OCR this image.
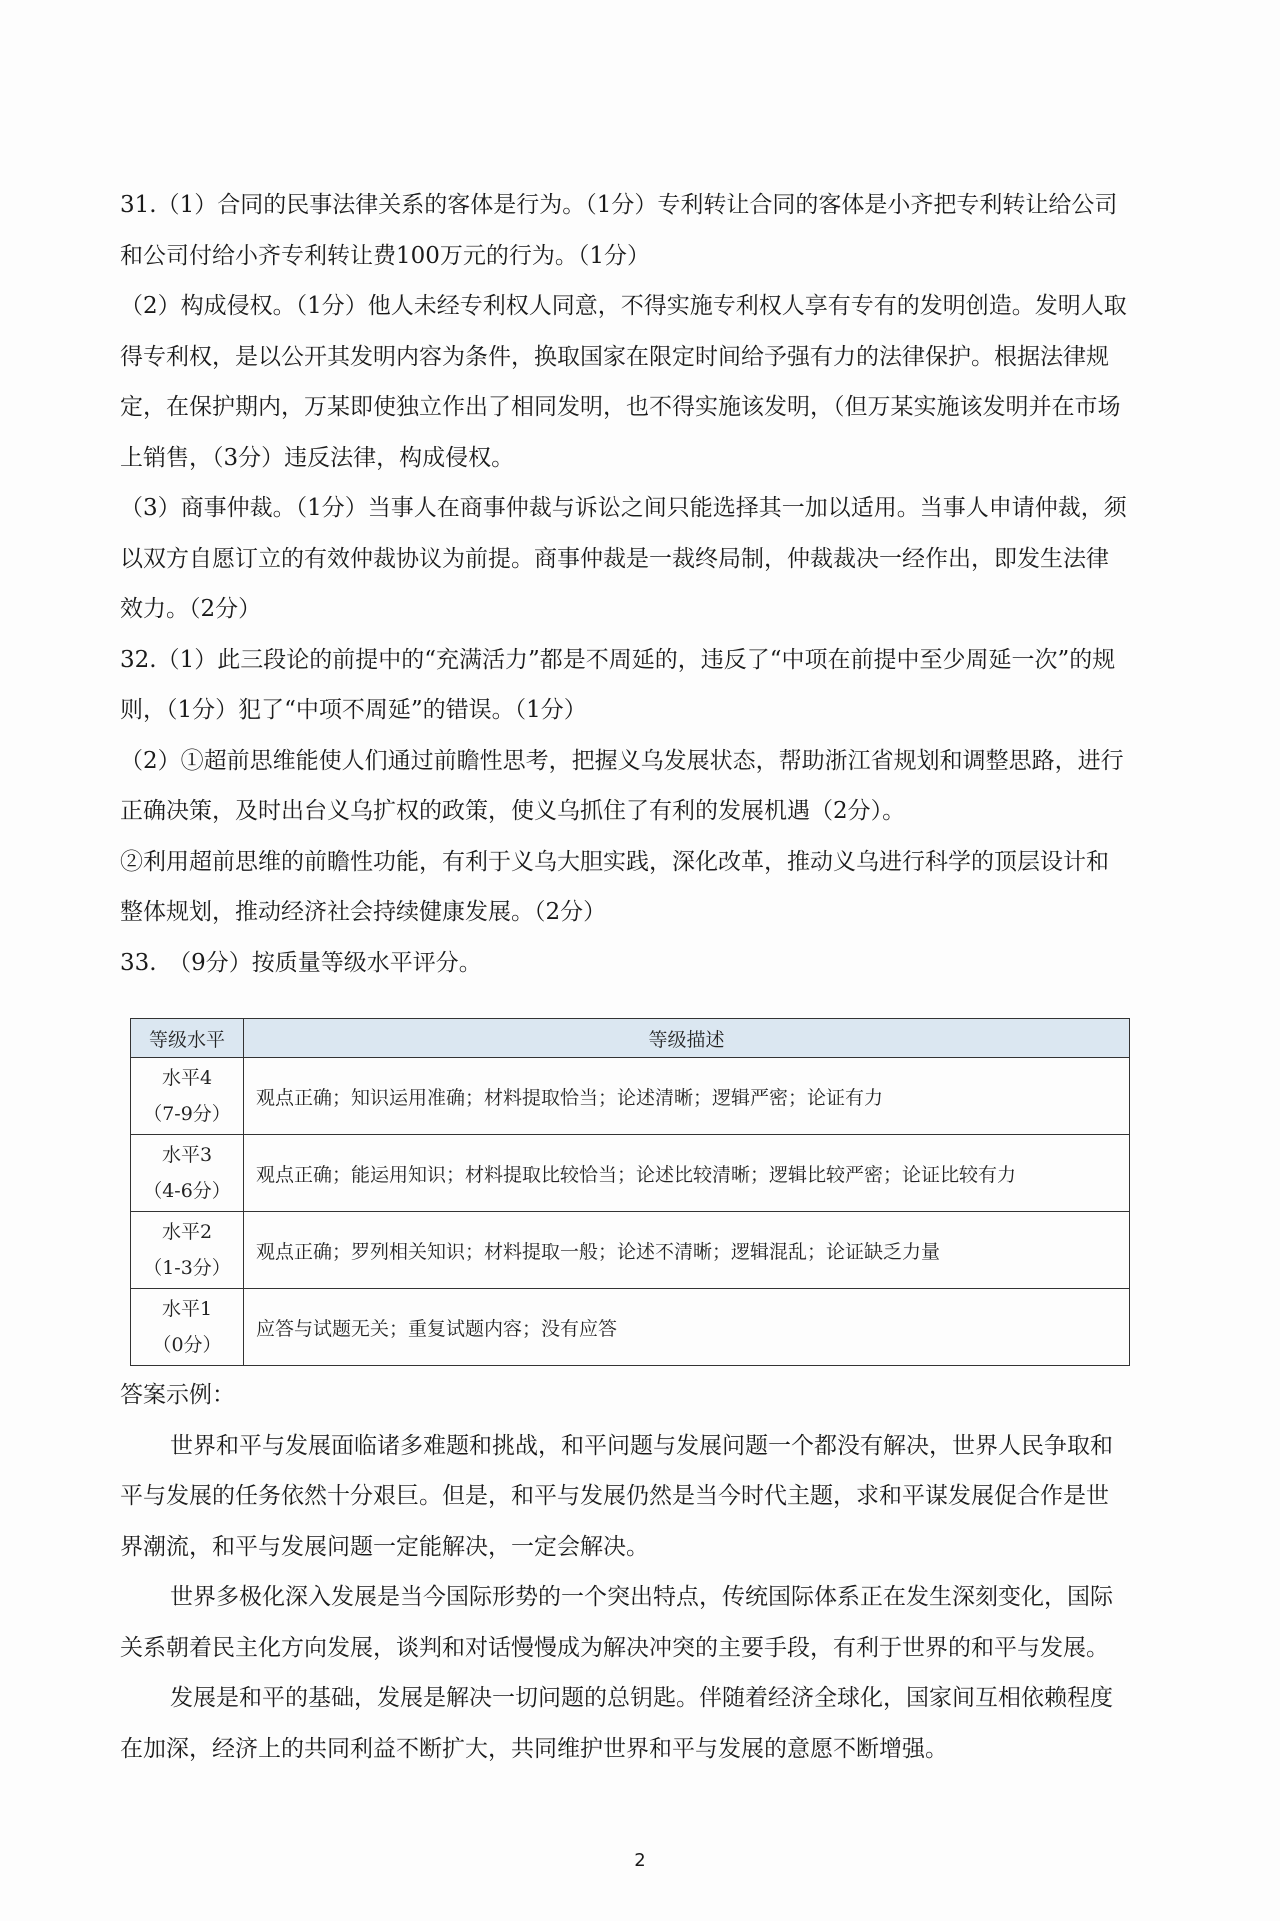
31.（1）合同的民事法律关系的客体是行为。（1分）专利转让合同的客体是小齐把专利转让给公司和公司付给小齐专利转让费100万元的行为。（1分）

（2）构成侵权。（1分）他人未经专利权人同意，不得实施专利权人享有专有的发明创造。发明人取得专利权，是以公开其发明内容为条件，换取国家在限定时间给予强有力的法律保护。根据法律规定，在保护期内，万某即使独立作出了相同发明，也不得实施该发明，（但万某实施该发明并在市场上销售，（3分）违反法律，构成侵权。

（3）商事仲裁。（1分）当事人在商事仲裁与诉讼之间只能选择其一加以适用。当事人申请仲裁，须以双方自愿订立的有效仲裁协议为前提。商事仲裁是一裁终局制，仲裁裁决一经作出，即发生法律效力。（2分）

32.（1）此三段论的前提中的“充满活力”都是不周延的，违反了“中项在前提中至少周延一次”的规则，（1分）犯了“中项不周延”的错误。（1分）

（2）①超前思维能使人们通过前瞻性思考，把握义乌发展状态，帮助浙江省规划和调整思路，进行正确决策，及时出台义乌扩权的政策，使义乌抓住了有利的发展机遇（2分）。

②利用超前思维的前瞻性功能，有利于义乌大胆实践，深化改革，推动义乌进行科学的顶层设计和整体规划，推动经济社会持续健康发展。（2分）

33.　（9分）按质量等级水平评分。

等级水平	等级描述

水平4
（7-9分）	观点正确；知识运用准确；材料提取恰当；论述清晰；逻辑严密；论证有力

水平3
（4-6分）	观点正确；能运用知识；材料提取比较恰当；论述比较清晰；逻辑比较严密；论证比较有力

水平2
（1-3分）	观点正确；罗列相关知识；材料提取一般；论述不清晰；逻辑混乱；论证缺乏力量

水平1
（0分）	应答与试题无关；重复试题内容；没有应答

答案示例：

世界和平与发展面临诸多难题和挑战，和平问题与发展问题一个都没有解决，世界人民争取和平与发展的任务依然十分艰巨。但是，和平与发展仍然是当今时代主题，求和平谋发展促合作是世界潮流，和平与发展问题一定能解决，一定会解决。

世界多极化深入发展是当今国际形势的一个突出特点，传统国际体系正在发生深刻变化，国际关系朝着民主化方向发展，谈判和对话慢慢成为解决冲突的主要手段，有利于世界的和平与发展。

发展是和平的基础，发展是解决一切问题的总钥匙。伴随着经济全球化，国家间互相依赖程度在加深，经济上的共同利益不断扩大，共同维护世界和平与发展的意愿不断增强。

2
